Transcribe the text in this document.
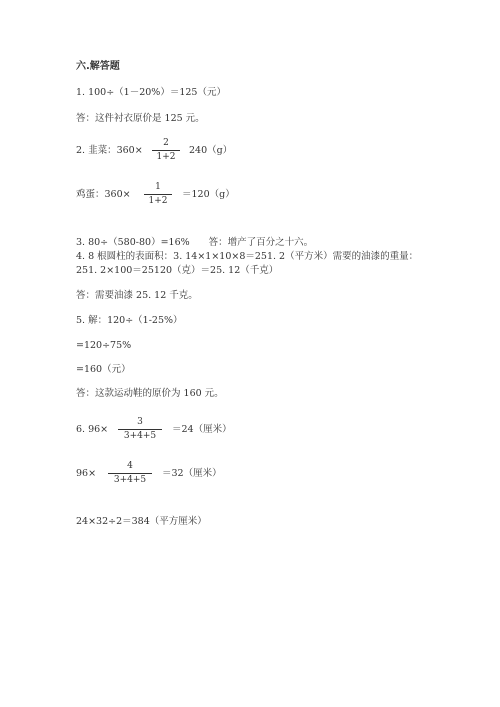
六.解答题
1. 100÷（1－20%）＝125（元）
答：这件衬衣原价是 125 元。
2. 韭菜：360×
2
1+2
240（g）
鸡蛋：360×
1
1+2
＝120（g）
3. 80÷（580-80）=16%　　答：增产了百分之十六。
4. 8 根圆柱的表面积：3. 14×1×10×8＝251. 2（平方米）需要的油漆的重量：
251. 2×100＝25120（克）＝25. 12（千克）
答：需要油漆 25. 12 千克。
5. 解：120÷（1-25%）
=120÷75%
=160（元）
答：这款运动鞋的原价为 160 元。
6. 96×
3
3+4+5
＝24（厘米）
96×
4
3+4+5
＝32（厘米）
24×32÷2＝384（平方厘米）
